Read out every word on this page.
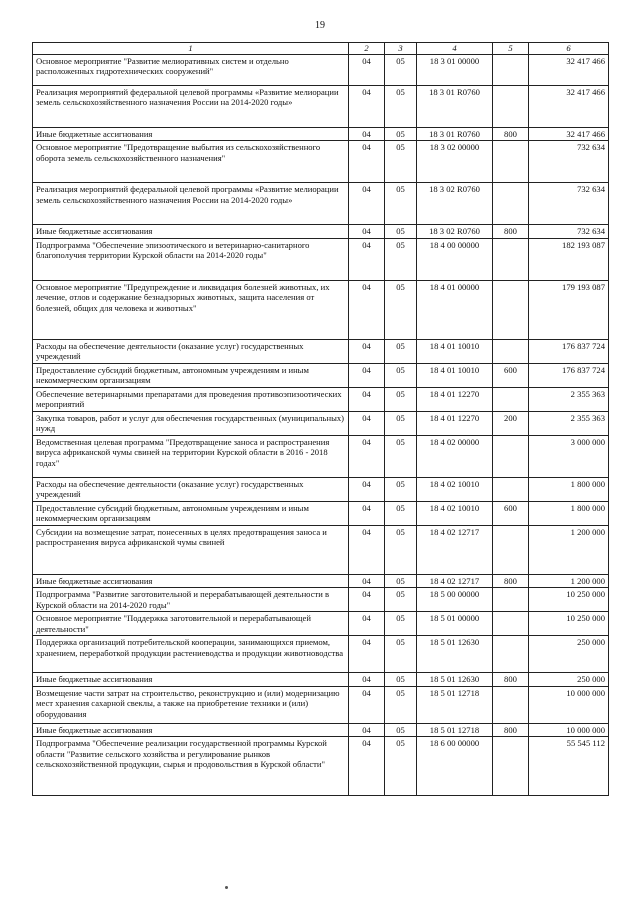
19
1	2	3	4	5	6
Основное мероприятие "Развитие мелиоративных систем и отдельно расположенных гидротехнических сооружений"	04	05	18 3 01 00000		32 417 466
Реализация мероприятий федеральной целевой программы «Развитие мелиорации земель сельскохозяйственного назначения России на 2014-2020 годы»	04	05	18 3 01 R0760		32 417 466
Иные бюджетные ассигнования	04	05	18 3 01 R0760	800	32 417 466
Основное мероприятие "Предотвращение выбытия из сельскохозяйственного оборота земель сельскохозяйственного назначения"	04	05	18 3 02 00000		732 634
Реализация мероприятий федеральной целевой программы «Развитие мелиорации земель сельскохозяйственного назначения России на 2014-2020 годы»	04	05	18 3 02 R0760		732 634
Иные бюджетные ассигнования	04	05	18 3 02 R0760	800	732 634
Подпрограмма "Обеспечение эпизоотического и ветеринарно-санитарного благополучия территории Курской области на 2014-2020 годы"	04	05	18 4 00 00000		182 193 087
Основное мероприятие "Предупреждение и ликвидация болезней животных, их лечение, отлов и содержание безнадзорных животных, защита населения от болезней, общих для человека и животных"	04	05	18 4 01 00000		179 193 087
Расходы на обеспечение деятельности (оказание услуг) государственных учреждений	04	05	18 4 01 10010		176 837 724
Предоставление субсидий бюджетным, автономным учреждениям и иным некоммерческим организациям	04	05	18 4 01 10010	600	176 837 724
Обеспечение ветеринарными препаратами для проведения противоэпизоотических мероприятий	04	05	18 4 01 12270		2 355 363
Закупка товаров, работ и услуг для обеспечения государственных (муниципальных) нужд	04	05	18 4 01 12270	200	2 355 363
Ведомственная целевая программа "Предотвращение заноса и распространения вируса африканской чумы свиней на территории Курской области в 2016 - 2018 годах"	04	05	18 4 02 00000		3 000 000
Расходы на обеспечение деятельности (оказание услуг) государственных учреждений	04	05	18 4 02 10010		1 800 000
Предоставление субсидий бюджетным, автономным учреждениям и иным некоммерческим организациям	04	05	18 4 02 10010	600	1 800 000
Субсидии на возмещение затрат, понесенных в целях предотвращения заноса и распространения вируса африканской чумы свиней	04	05	18 4 02 12717		1 200 000
Иные бюджетные ассигнования	04	05	18 4 02 12717	800	1 200 000
Подпрограмма "Развитие заготовительной и перерабатывающей деятельности в Курской области на 2014-2020 годы"	04	05	18 5 00 00000		10 250 000
Основное мероприятие "Поддержка заготовительной и перерабатывающей деятельности"	04	05	18 5 01 00000		10 250 000
Поддержка организаций потребительской кооперации, занимающихся приемом, хранением, переработкой продукции растениеводства и продукции животноводства	04	05	18 5 01 12630		250 000
Иные бюджетные ассигнования	04	05	18 5 01 12630	800	250 000
Возмещение части затрат на строительство, реконструкцию и (или) модернизацию мест хранения сахарной свеклы, а также на приобретение техники и (или) оборудования	04	05	18 5 01 12718		10 000 000
Иные бюджетные ассигнования	04	05	18 5 01 12718	800	10 000 000
Подпрограмма "Обеспечение реализации государственной программы Курской области "Развитие сельского хозяйства и регулирование рынков сельскохозяйственной продукции, сырья и продовольствия в Курской области"	04	05	18 6 00 00000		55 545 112
